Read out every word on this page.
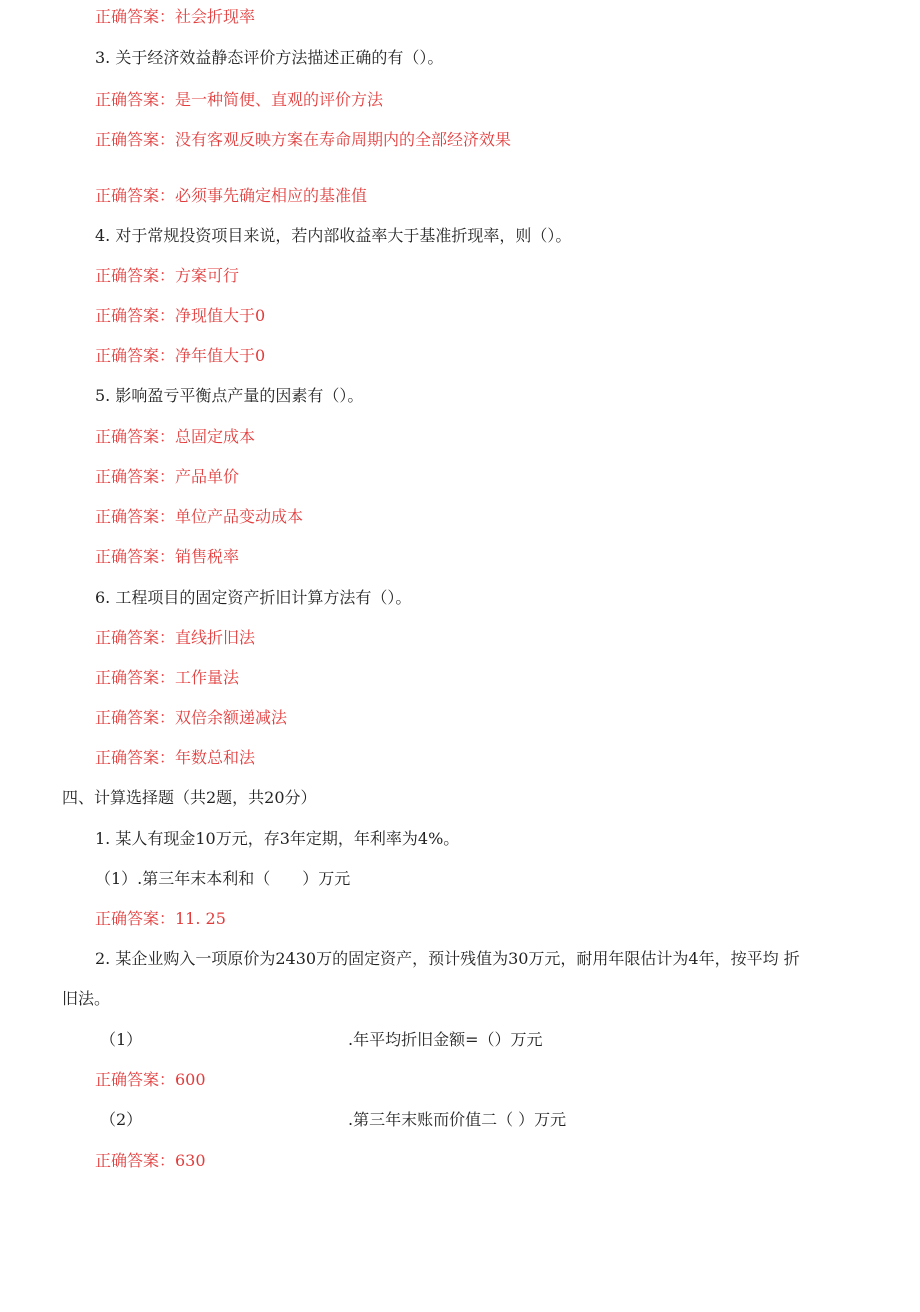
正确答案：社会折现率
3. 关于经济效益静态评价方法描述正确的有（）。
正确答案：是一种简便、直观的评价方法
正确答案：没有客观反映方案在寿命周期内的全部经济效果
正确答案：必须事先确定相应的基准值
4. 对于常规投资项目来说，若内部收益率大于基准折现率，则（）。
正确答案：方案可行
正确答案：净现值大于0
正确答案：净年值大于0
5. 影响盈亏平衡点产量的因素有（）。
正确答案：总固定成本
正确答案：产品单价
正确答案：单位产品变动成本
正确答案：销售税率
6. 工程项目的固定资产折旧计算方法有（）。
正确答案：直线折旧法
正确答案：工作量法
正确答案：双倍余额递减法
正确答案：年数总和法
四、计算选择题（共2题，共20分）
1. 某人有现金10万元，存3年定期，年利率为4%。
（1）.第三年末本利和（　　）万元
正确答案：11. 25
2. 某企业购入一项原价为2430万的固定资产，预计残值为30万元，耐用年限估计为4年，按平均 折
旧法。
（1）	.年平均折旧金额=（）万元
正确答案：600
（2）	.第三年末账而价值二（ ）万元
正确答案：630
